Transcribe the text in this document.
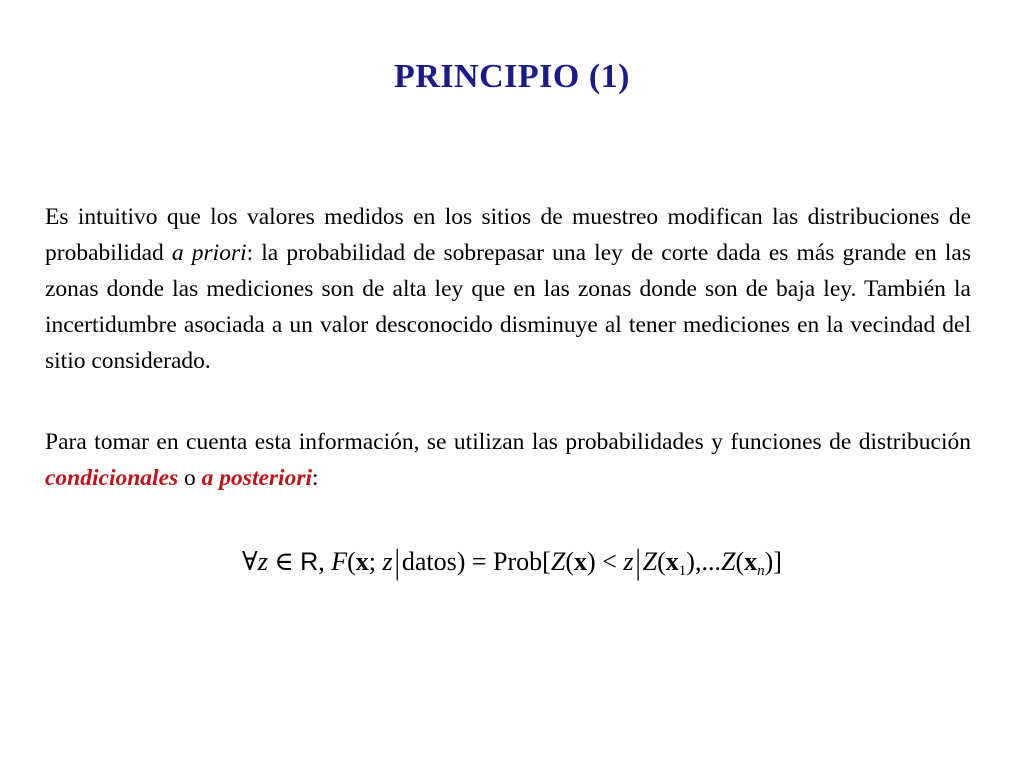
PRINCIPIO (1)
Es intuitivo que los valores medidos en los sitios de muestreo modifican las distribuciones de probabilidad a priori: la probabilidad de sobrepasar una ley de corte dada es más grande en las zonas donde las mediciones son de alta ley que en las zonas donde son de baja ley. También la incertidumbre asociada a un valor desconocido disminuye al tener mediciones en la vecindad del sitio considerado.
Para tomar en cuenta esta información, se utilizan las probabilidades y funciones de distribución condicionales o a posteriori:
∀z ∈ R, F(x; z|datos) = Prob[Z(x) < $z|Z(x_1),...Z(x_n)$]
